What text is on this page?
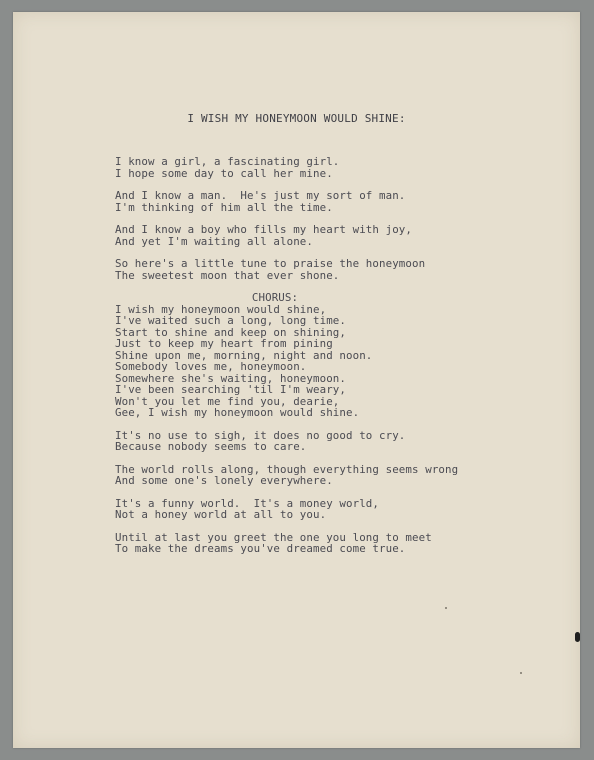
I WISH MY HONEYMOON WOULD SHINE:
I know a girl, a fascinating girl.
I hope some day to call her mine.
And I know a man.  He's just my sort of man.
I'm thinking of him all the time.
And I know a boy who fills my heart with joy,
And yet I'm waiting all alone.
So here's a little tune to praise the honeymoon
The sweetest moon that ever shone.
CHORUS:
I wish my honeymoon would shine,
I've waited such a long, long time.
Start to shine and keep on shining,
Just to keep my heart from pining
Shine upon me, morning, night and noon.
Somebody loves me, honeymoon.
Somewhere she's waiting, honeymoon.
I've been searching 'til I'm weary,
Won't you let me find you, dearie,
Gee, I wish my honeymoon would shine.
It's no use to sigh, it does no good to cry.
Because nobody seems to care.
The world rolls along, though everything seems wrong
And some one's lonely everywhere.
It's a funny world.  It's a money world,
Not a honey world at all to you.
Until at last you greet the one you long to meet
To make the dreams you've dreamed come true.
